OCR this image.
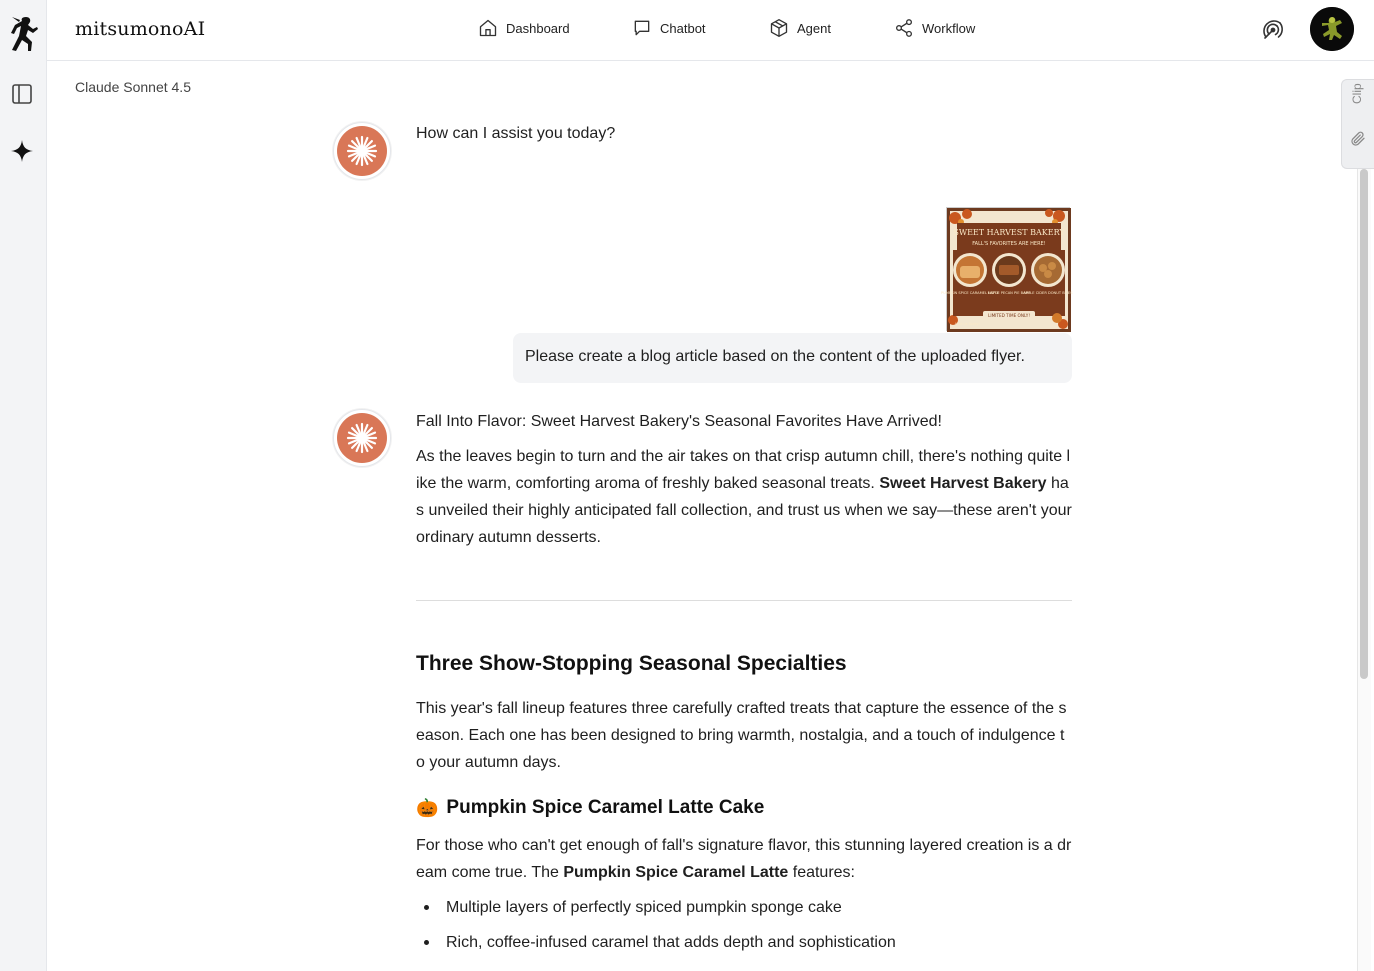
mitsumonoAI	Dashboard	Chatbot	Agent	Workflow
Claude Sonnet 4.5	Clip
How can I assist you today?
SWEET HARVEST BAKERY
FALL'S FAVORITES ARE HERE!
PUMPKIN SPICE CARAMEL LATTE
MAPLE PECAN PIE BARS
APPLE CIDER DONUT BITES
LIMITED TIME ONLY!
Visit Us Today!
Please create a blog article based on the content of the uploaded flyer.

Fall Into Flavor: Sweet Harvest Bakery's Seasonal Favorites Have Arrived!

As the leaves begin to turn and the air takes on that crisp autumn chill, there's nothing quite like the warm, comforting aroma of freshly baked seasonal treats. Sweet Harvest Bakery has unveiled their highly anticipated fall collection, and trust us when we say—these aren't your ordinary autumn desserts.

Three Show-Stopping Seasonal Specialties

This year's fall lineup features three carefully crafted treats that capture the essence of the season. Each one has been designed to bring warmth, nostalgia, and a touch of indulgence to your autumn days.

🎃 Pumpkin Spice Caramel Latte Cake

For those who can't get enough of fall's signature flavor, this stunning layered creation is a dream come true. The Pumpkin Spice Caramel Latte features:

Multiple layers of perfectly spiced pumpkin sponge cake
Rich, coffee-infused caramel that adds depth and sophistication
